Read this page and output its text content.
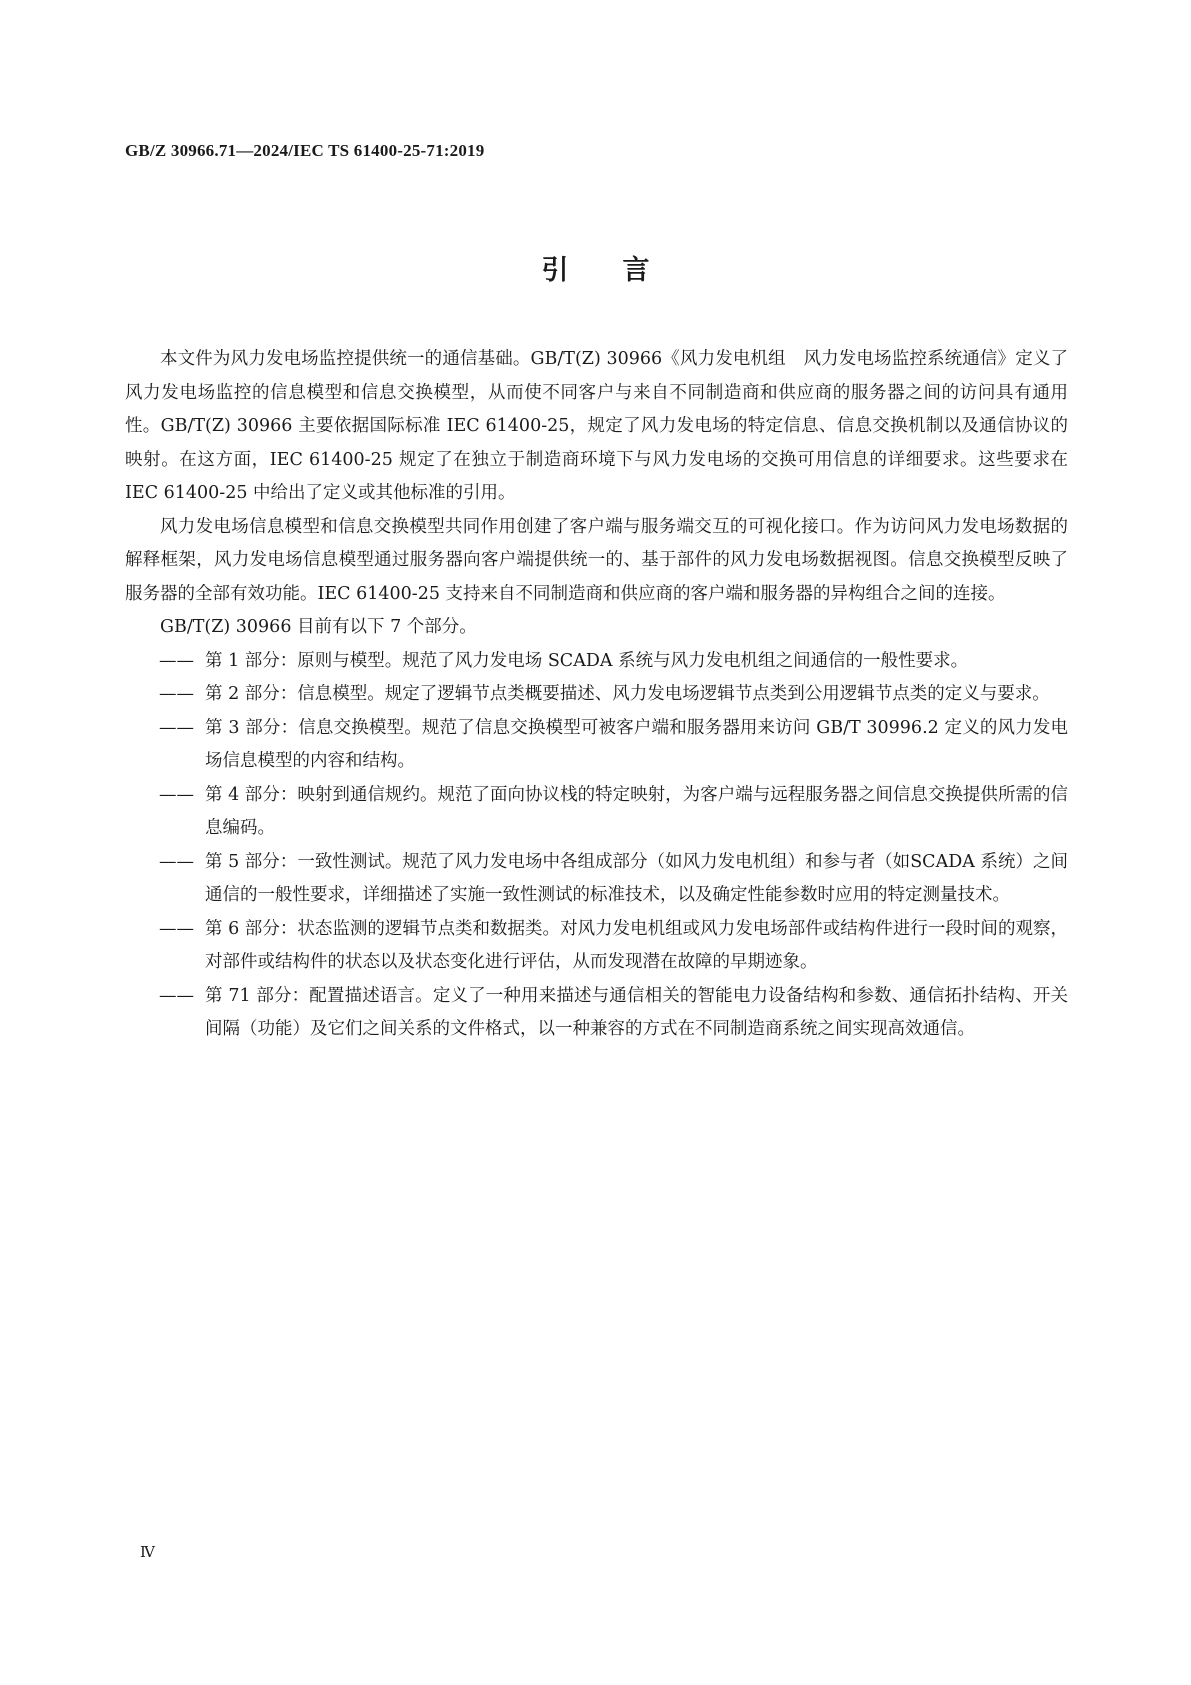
GB/Z 30966.71—2024/IEC TS 61400-25-71:2019
引言

本文件为风力发电场监控提供统一的通信基础。GB/T(Z) 30966《风力发电机组　风力发电场监控系统通信》定义了风力发电场监控的信息模型和信息交换模型，从而使不同客户与来自不同制造商和供应商的服务器之间的访问具有通用性。GB/T(Z) 30966 主要依据国际标准 IEC 61400-25，规定了风力发电场的特定信息、信息交换机制以及通信协议的映射。在这方面，IEC 61400-25 规定了在独立于制造商环境下与风力发电场的交换可用信息的详细要求。这些要求在 IEC 61400-25 中给出了定义或其他标准的引用。

风力发电场信息模型和信息交换模型共同作用创建了客户端与服务端交互的可视化接口。作为访问风力发电场数据的解释框架，风力发电场信息模型通过服务器向客户端提供统一的、基于部件的风力发电场数据视图。信息交换模型反映了服务器的全部有效功能。IEC 61400-25 支持来自不同制造商和供应商的客户端和服务器的异构组合之间的连接。

GB/T(Z) 30966 目前有以下 7 个部分。

—— 第 1 部分：原则与模型。规范了风力发电场 SCADA 系统与风力发电机组之间通信的一般性要求。
—— 第 2 部分：信息模型。规定了逻辑节点类概要描述、风力发电场逻辑节点类到公用逻辑节点类的定义与要求。
—— 第 3 部分：信息交换模型。规范了信息交换模型可被客户端和服务器用来访问 GB/T 30996.2 定义的风力发电场信息模型的内容和结构。
—— 第 4 部分：映射到通信规约。规范了面向协议栈的特定映射，为客户端与远程服务器之间信息交换提供所需的信息编码。
—— 第 5 部分：一致性测试。规范了风力发电场中各组成部分（如风力发电机组）和参与者（如SCADA 系统）之间通信的一般性要求，详细描述了实施一致性测试的标准技术，以及确定性能参数时应用的特定测量技术。
—— 第 6 部分：状态监测的逻辑节点类和数据类。对风力发电机组或风力发电场部件或结构件进行一段时间的观察，对部件或结构件的状态以及状态变化进行评估，从而发现潜在故障的早期迹象。
—— 第 71 部分：配置描述语言。定义了一种用来描述与通信相关的智能电力设备结构和参数、通信拓扑结构、开关间隔（功能）及它们之间关系的文件格式，以一种兼容的方式在不同制造商系统之间实现高效通信。
Ⅳ
